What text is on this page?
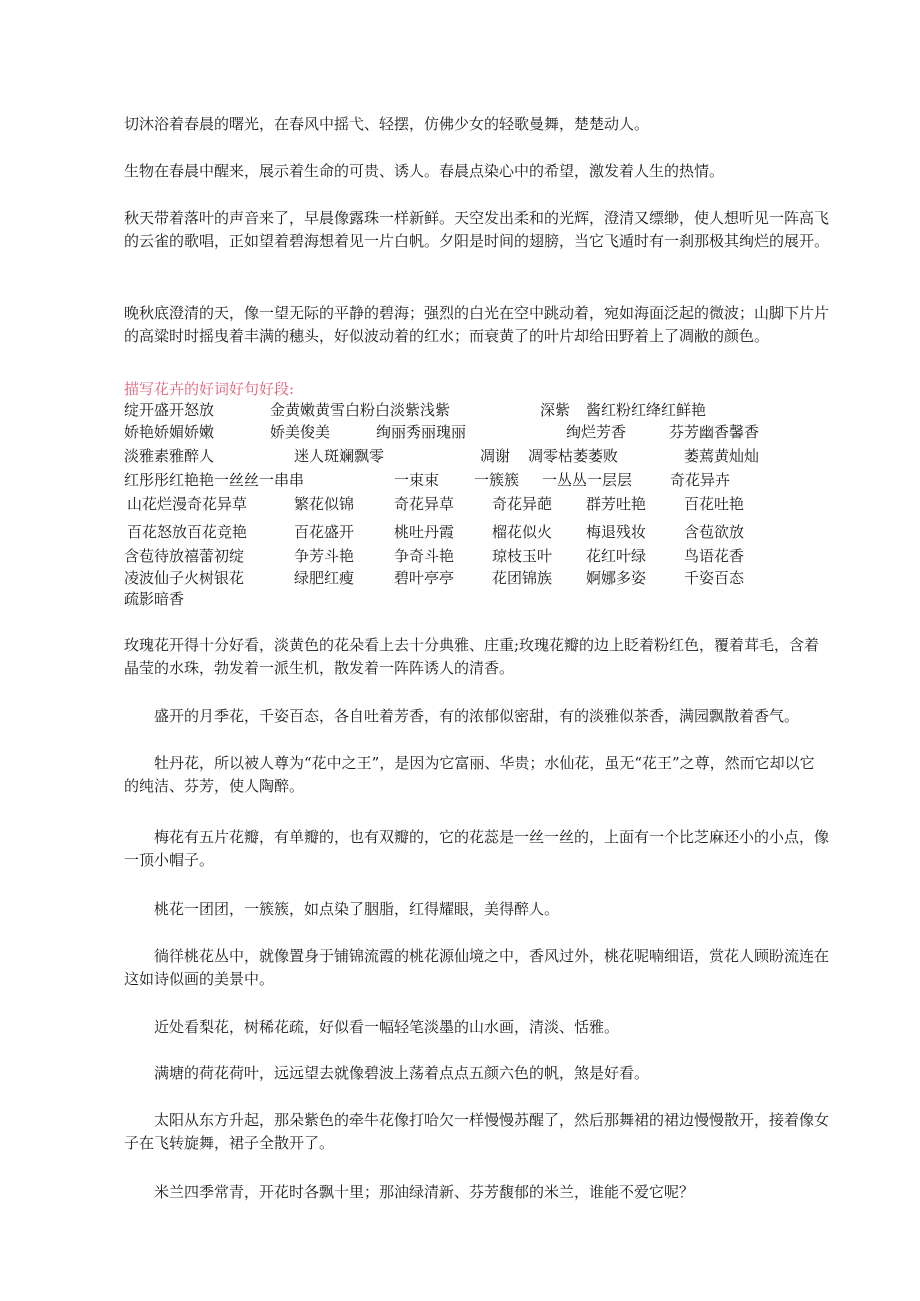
切沐浴着春晨的曙光，在春风中摇弋、轻摆，仿佛少女的轻歌曼舞，楚楚动人。

生物在春晨中醒来，展示着生命的可贵、诱人。春晨点染心中的希望，激发着人生的热情。

秋天带着落叶的声音来了，早晨像露珠一样新鲜。天空发出柔和的光辉，澄清又缥缈，使人想听见一阵高飞的云雀的歌唱，正如望着碧海想着见一片白帆。夕阳是时间的翅膀，当它飞遁时有一刹那极其绚烂的展开。

晚秋底澄清的天，像一望无际的平静的碧海；强烈的白光在空中跳动着，宛如海面泛起的微波；山脚下片片的高粱时时摇曳着丰满的穗头，好似波动着的红水；而衰黄了的叶片却给田野着上了凋敝的颜色。

描写花卉的好词好句好段:

绽开盛开怒放	金黄嫩黄雪白粉白淡紫浅紫	深紫 酱红粉红绛红鲜艳
娇艳娇媚娇嫩	娇美俊美	绚丽秀丽瑰丽	绚烂芳香	芬芳幽香馨香
淡雅素雅醉人	迷人斑斓飘零	凋谢 凋零枯萎萎败	萎蔫黄灿灿
红彤彤红艳艳一丝丝一串串	一束束 一簇簇 一丛丛一层层	奇花异卉
山花烂漫奇花异草	繁花似锦	奇花异草	奇花异葩 群芳吐艳	百花吐艳
百花怒放百花竞艳	百花盛开	桃吐丹霞	榴花似火 梅退残妆	含苞欲放
含苞待放禧蕾初绽	争芳斗艳	争奇斗艳	琼枝玉叶 花红叶绿	鸟语花香
凌波仙子火树银花	绿肥红瘦	碧叶亭亭	花团锦族 婀娜多姿	千姿百态
疏影暗香

玫瑰花开得十分好看，淡黄色的花朵看上去十分典雅、庄重;玫瑰花瓣的边上眨着粉红色，覆着茸毛，含着晶莹的水珠，勃发着一派生机，散发着一阵阵诱人的清香。

盛开的月季花，千姿百态，各自吐着芳香，有的浓郁似密甜，有的淡雅似茶香，满园飘散着香气。

牡丹花，所以被人尊为“花中之王”，是因为它富丽、华贵；水仙花，虽无“花王”之尊，然而它却以它的纯洁、芬芳，使人陶醉。

梅花有五片花瓣，有单瓣的，也有双瓣的，它的花蕊是一丝一丝的，上面有一个比芝麻还小的小点，像一顶小帽子。

桃花一团团，一簇簇，如点染了胭脂，红得耀眼，美得醉人。

徜徉桃花丛中，就像置身于铺锦流霞的桃花源仙境之中，香风过外，桃花呢喃细语，赏花人顾盼流连在这如诗似画的美景中。

近处看梨花，树稀花疏，好似看一幅轻笔淡墨的山水画，清淡、恬雅。

满塘的荷花荷叶，远远望去就像碧波上荡着点点五颜六色的帆，煞是好看。

太阳从东方升起，那朵紫色的牵牛花像打哈欠一样慢慢苏醒了，然后那舞裙的裙边慢慢散开，接着像女子在飞转旋舞，裙子全散开了。

米兰四季常青，开花时各飘十里；那油绿清新、芬芳馥郁的米兰，谁能不爱它呢？
